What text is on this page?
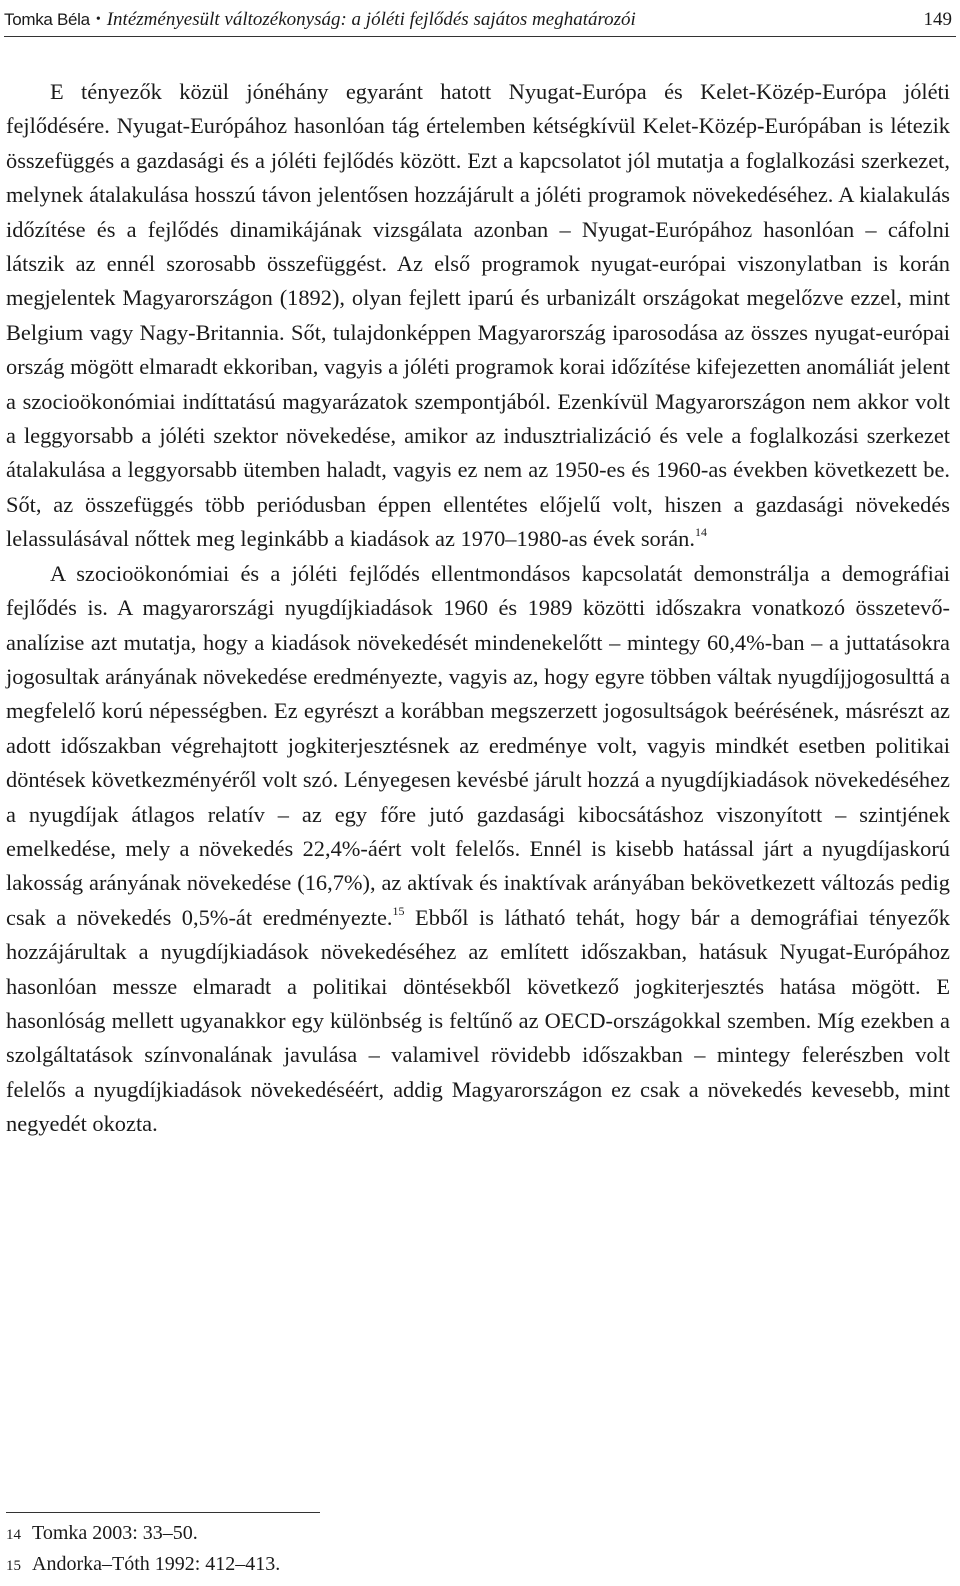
Tomka Béla • Intézményesült változékonyság: a jóléti fejlődés sajátos meghatározói	149

E tényezők közül jónéhány egyaránt hatott Nyugat-Európa és Kelet-Közép-Európa jóléti fejlődésére. Nyugat-Európához hasonlóan tág értelemben kétségkívül Kelet-Közép-Európában is létezik összefüggés a gazdasági és a jóléti fejlődés között. Ezt a kapcsolatot jól mutatja a foglalkozási szerkezet, melynek átalakulása hosszú távon jelentősen hozzájárult a jóléti programok növekedéséhez. A kialakulás időzítése és a fejlődés dinamikájának vizsgálata azonban – Nyugat-Európához hasonlóan – cáfolni látszik az ennél szorosabb összefüggést. Az első programok nyugat-európai viszonylatban is korán megjelentek Magyarországon (1892), olyan fejlett iparú és urbanizált országokat megelőzve ezzel, mint Belgium vagy Nagy-Britannia. Sőt, tulajdonképpen Magyarország iparosodása az összes nyugat-európai ország mögött elmaradt ekkoriban, vagyis a jóléti programok korai időzítése kifejezetten anomáliát jelent a szocioökonómiai indíttatású magyarázatok szempontjából. Ezenkívül Magyarországon nem akkor volt a leggyorsabb a jóléti szektor növekedése, amikor az indusztrializáció és vele a foglalkozási szerkezet átalakulása a leggyorsabb ütemben haladt, vagyis ez nem az 1950-es és 1960-as években következett be. Sőt, az összefüggés több periódusban éppen ellentétes előjelű volt, hiszen a gazdasági növekedés lelassulásával nőttek meg leginkább a kiadások az 1970–1980-as évek során.$^{14}$

A szocioökonómiai és a jóléti fejlődés ellentmondásos kapcsolatát demonstrálja a demográfiai fejlődés is. A magyarországi nyugdíjkiadások 1960 és 1989 közötti időszakra vonatkozó összetevő-analízise azt mutatja, hogy a kiadások növekedését mindenekelőtt – mintegy 60,4%-ban – a juttatásokra jogosultak arányának növekedése eredményezte, vagyis az, hogy egyre többen váltak nyugdíjjogosulttá a megfelelő korú népességben. Ez egyrészt a korábban megszerzett jogosultságok beérésének, másrészt az adott időszakban végrehajtott jogkiterjesztésnek az eredménye volt, vagyis mindkét esetben politikai döntések következményéről volt szó. Lényegesen kevésbé járult hozzá a nyugdíjkiadások növekedéséhez a nyugdíjak átlagos relatív – az egy főre jutó gazdasági kibocsátáshoz viszonyított – szintjének emelkedése, mely a növekedés 22,4%-áért volt felelős. Ennél is kisebb hatással járt a nyugdíjaskorú lakosság arányának növekedése (16,7%), az aktívak és inaktívak arányában bekövetkezett változás pedig csak a növekedés 0,5%-át eredményezte.$^{15}$ Ebből is látható tehát, hogy bár a demográfiai tényezők hozzájárultak a nyugdíjkiadások növekedéséhez az említett időszakban, hatásuk Nyugat-Európához hasonlóan messze elmaradt a politikai döntésekből következő jogkiterjesztés hatása mögött. E hasonlóság mellett ugyanakkor egy különbség is feltűnő az OECD-országokkal szemben. Míg ezekben a szolgáltatások színvonalának javulása – valamivel rövidebb időszakban – mintegy felerészben volt felelős a nyugdíjkiadások növekedéséért, addig Magyarországon ez csak a növekedés kevesebb, mint negyedét okozta.

14 Tomka 2003: 33–50.
15 Andorka–Tóth 1992: 412–413.
